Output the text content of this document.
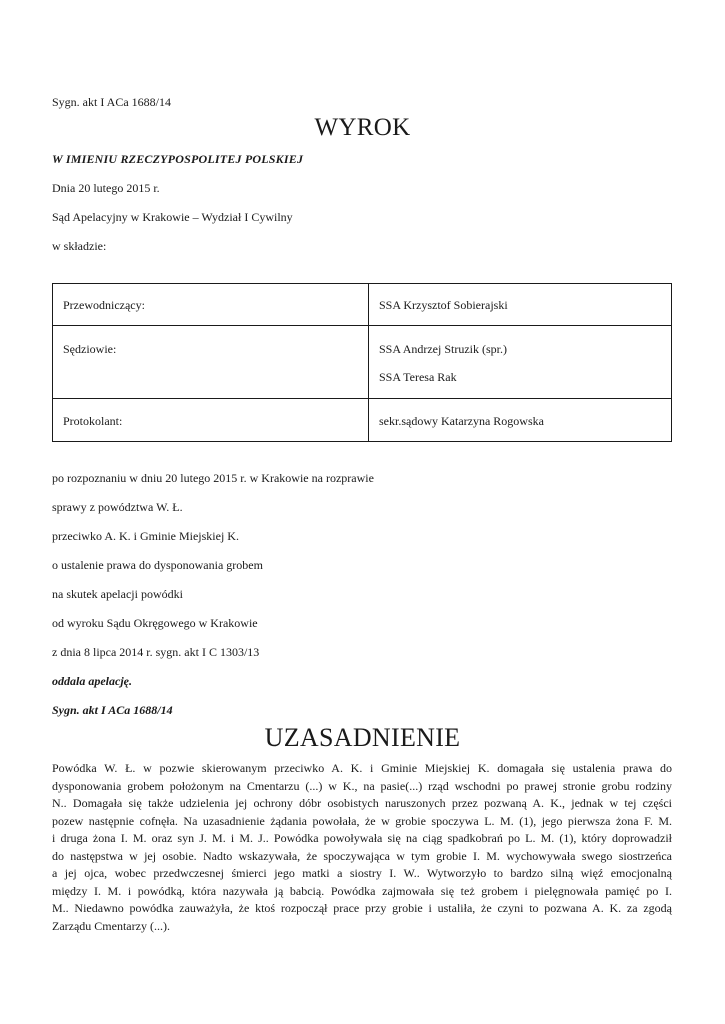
Sygn. akt I ACa 1688/14
WYROK
W IMIENIU RZECZYPOSPOLITEJ POLSKIEJ
Dnia 20 lutego 2015 r.
Sąd Apelacyjny w Krakowie – Wydział I Cywilny
w składzie:
Przewodniczący:	SSA Krzysztof Sobierajski

Sędziowie:	SSA Andrzej Struzik (spr.)
SSA Teresa Rak

Protokolant:	sekr.sądowy Katarzyna Rogowska
po rozpoznaniu w dniu 20 lutego 2015 r. w Krakowie na rozprawie
sprawy z powództwa W. Ł.
przeciwko A. K. i Gminie Miejskiej K.
o ustalenie prawa do dysponowania grobem
na skutek apelacji powódki
od wyroku Sądu Okręgowego w Krakowie
z dnia 8 lipca 2014 r. sygn. akt I C 1303/13
oddala apelację.
Sygn. akt I ACa 1688/14
UZASADNIENIE
Powódka W. Ł. w pozwie skierowanym przeciwko A. K. i Gminie Miejskiej K. domagała się ustalenia prawa do
dysponowania grobem położonym na Cmentarzu (...) w K., na pasie(...) rząd wschodni po prawej stronie grobu rodziny
N.. Domagała się także udzielenia jej ochrony dóbr osobistych naruszonych przez pozwaną A. K., jednak w tej części
pozew następnie cofnęła. Na uzasadnienie żądania powołała, że w grobie spoczywa L. M. (1), jego pierwsza żona F. M.
i druga żona I. M. oraz syn J. M. i M. J.. Powódka powoływała się na ciąg spadkobrań po L. M. (1), który doprowadził
do następstwa w jej osobie. Nadto wskazywała, że spoczywająca w tym grobie I. M. wychowywała swego siostrzeńca
a jej ojca, wobec przedwczesnej śmierci jego matki a siostry I. W.. Wytworzyło to bardzo silną więź emocjonalną
między I. M. i powódką, która nazywała ją babcią. Powódka zajmowała się też grobem i pielęgnowała pamięć po I.
M.. Niedawno powódka zauważyła, że ktoś rozpoczął prace przy grobie i ustaliła, że czyni to pozwana A. K. za zgodą
Zarządu Cmentarzy (...).
